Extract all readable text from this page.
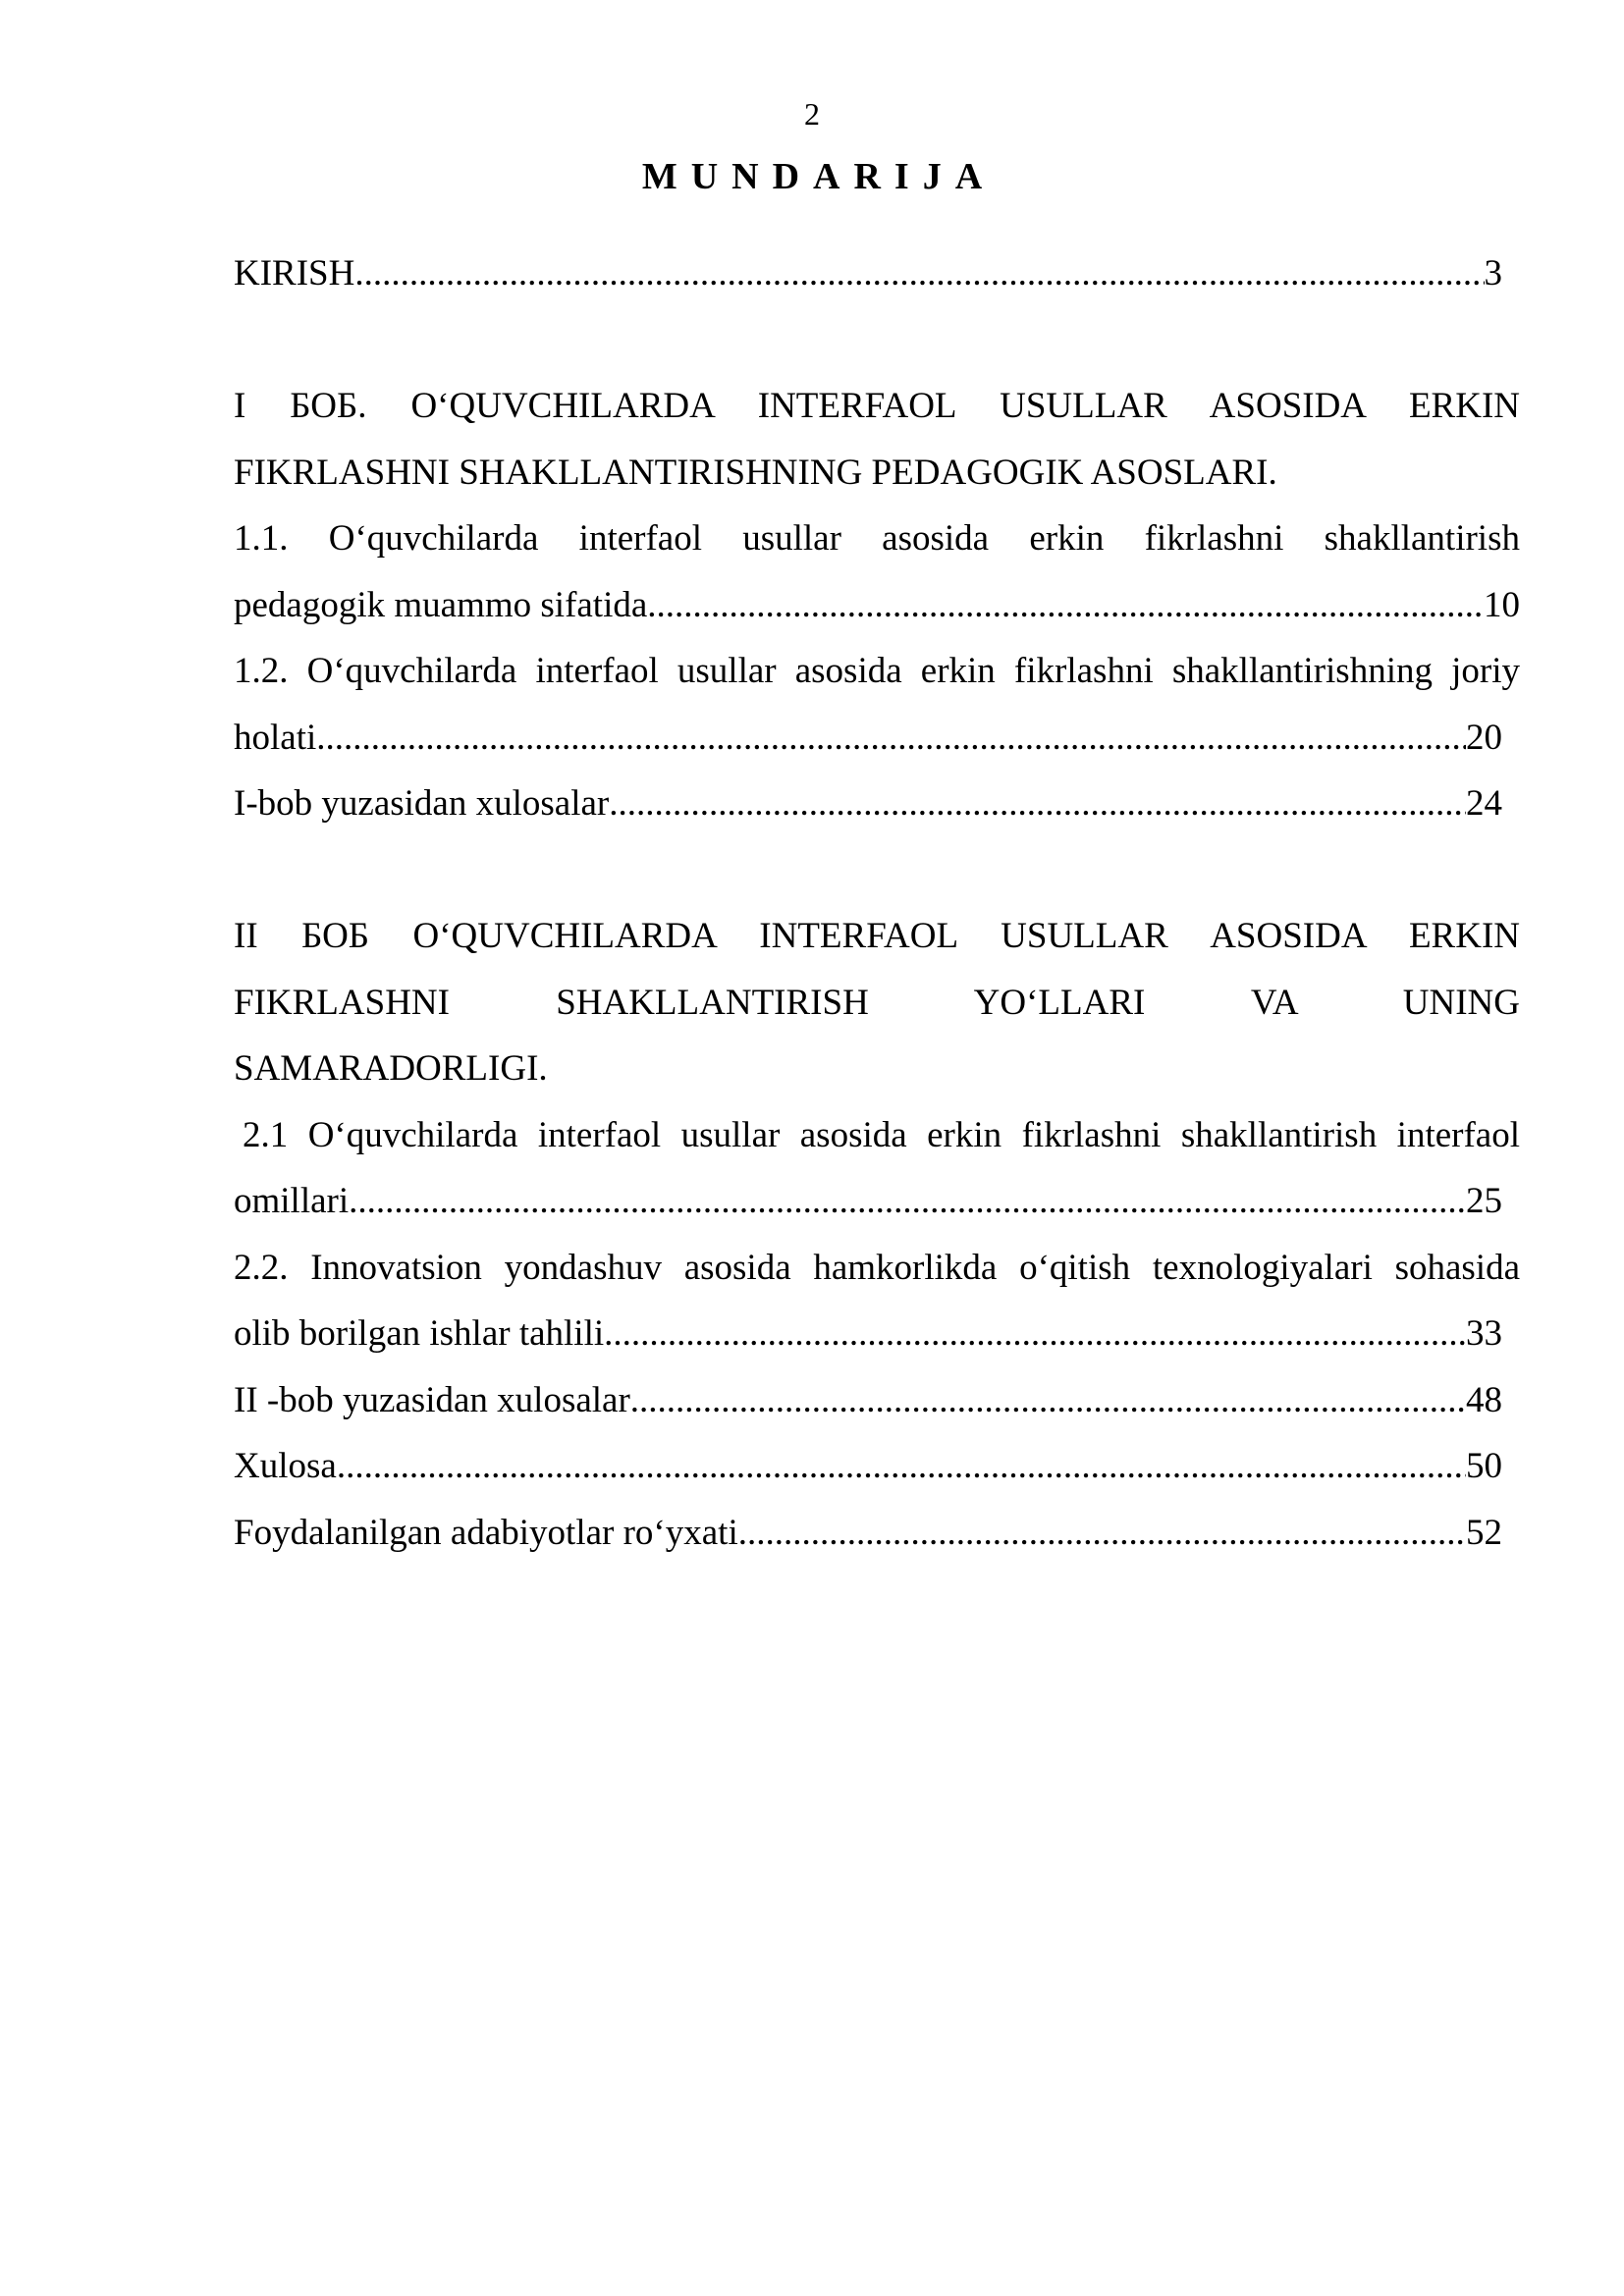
2
MUNDARIJA
KIRISH .....	3
I БОБ. O‘QUVCHILARDA INTERFAOL USULLAR ASOSIDA ERKIN
FIKRLASHNI SHAKLLANTIRISHNING PEDAGOGIK ASOSLARI.
1.1. O‘quvchilarda interfaol usullar asosida erkin fikrlashni shakllantirish
pedagogik muammo sifatida .....	10
1.2. O‘quvchilarda interfaol usullar asosida erkin fikrlashni shakllantirishning joriy
holati .....	20
I-bob yuzasidan xulosalar .....	24
II БОБ O‘QUVCHILARDA INTERFAOL USULLAR ASOSIDA ERKIN
FIKRLASHNI SHAKLLANTIRISH YO‘LLARI VA UNING
SAMARADORLIGI.
2.1 O‘quvchilarda interfaol usullar asosida erkin fikrlashni shakllantirish interfaol
omillari .....	25
2.2. Innovatsion yondashuv asosida hamkorlikda o‘qitish texnologiyalari sohasida
olib borilgan ishlar tahlili .....	33
II -bob yuzasidan xulosalar .....	48
Xulosa .....	50
Foydalanilgan adabiyotlar ro‘yxati .....	52
